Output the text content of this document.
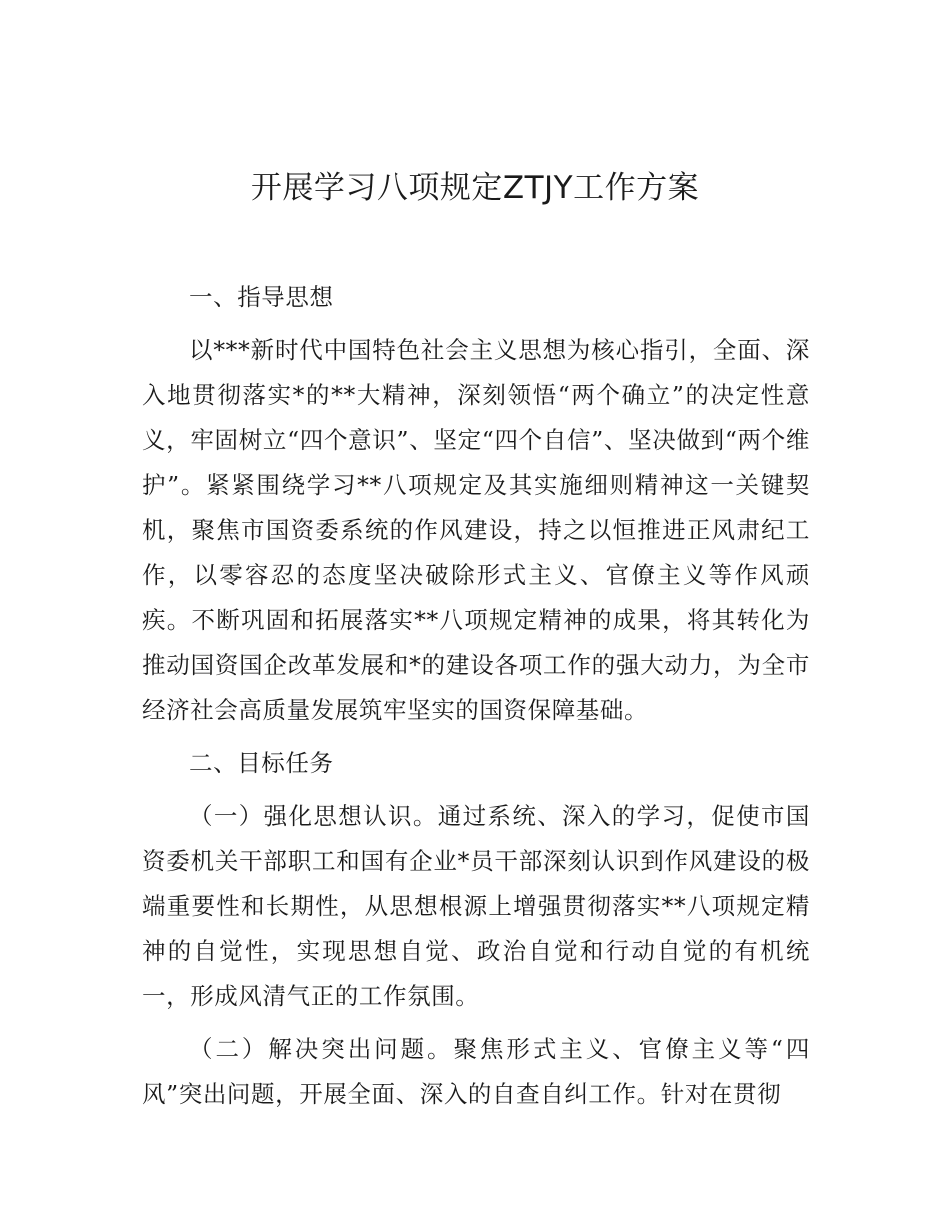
开展学习八项规定ZTJY工作方案

一、指导思想

以***新时代中国特色社会主义思想为核心指引，全面、深入地贯彻落实*的**大精神，深刻领悟“两个确立”的决定性意义，牢固树立“四个意识”、坚定“四个自信”、坚决做到“两个维护”。紧紧围绕学习**八项规定及其实施细则精神这一关键契机，聚焦市国资委系统的作风建设，持之以恒推进正风肃纪工作，以零容忍的态度坚决破除形式主义、官僚主义等作风顽疾。不断巩固和拓展落实**八项规定精神的成果，将其转化为推动国资国企改革发展和*的建设各项工作的强大动力，为全市经济社会高质量发展筑牢坚实的国资保障基础。

二、目标任务

（一）强化思想认识。通过系统、深入的学习，促使市国资委机关干部职工和国有企业*员干部深刻认识到作风建设的极端重要性和长期性，从思想根源上增强贯彻落实**八项规定精神的自觉性，实现思想自觉、政治自觉和行动自觉的有机统一，形成风清气正的工作氛围。

（二）解决突出问题。聚焦形式主义、官僚主义等“四风”突出问题，开展全面、深入的自查自纠工作。针对在贯彻
